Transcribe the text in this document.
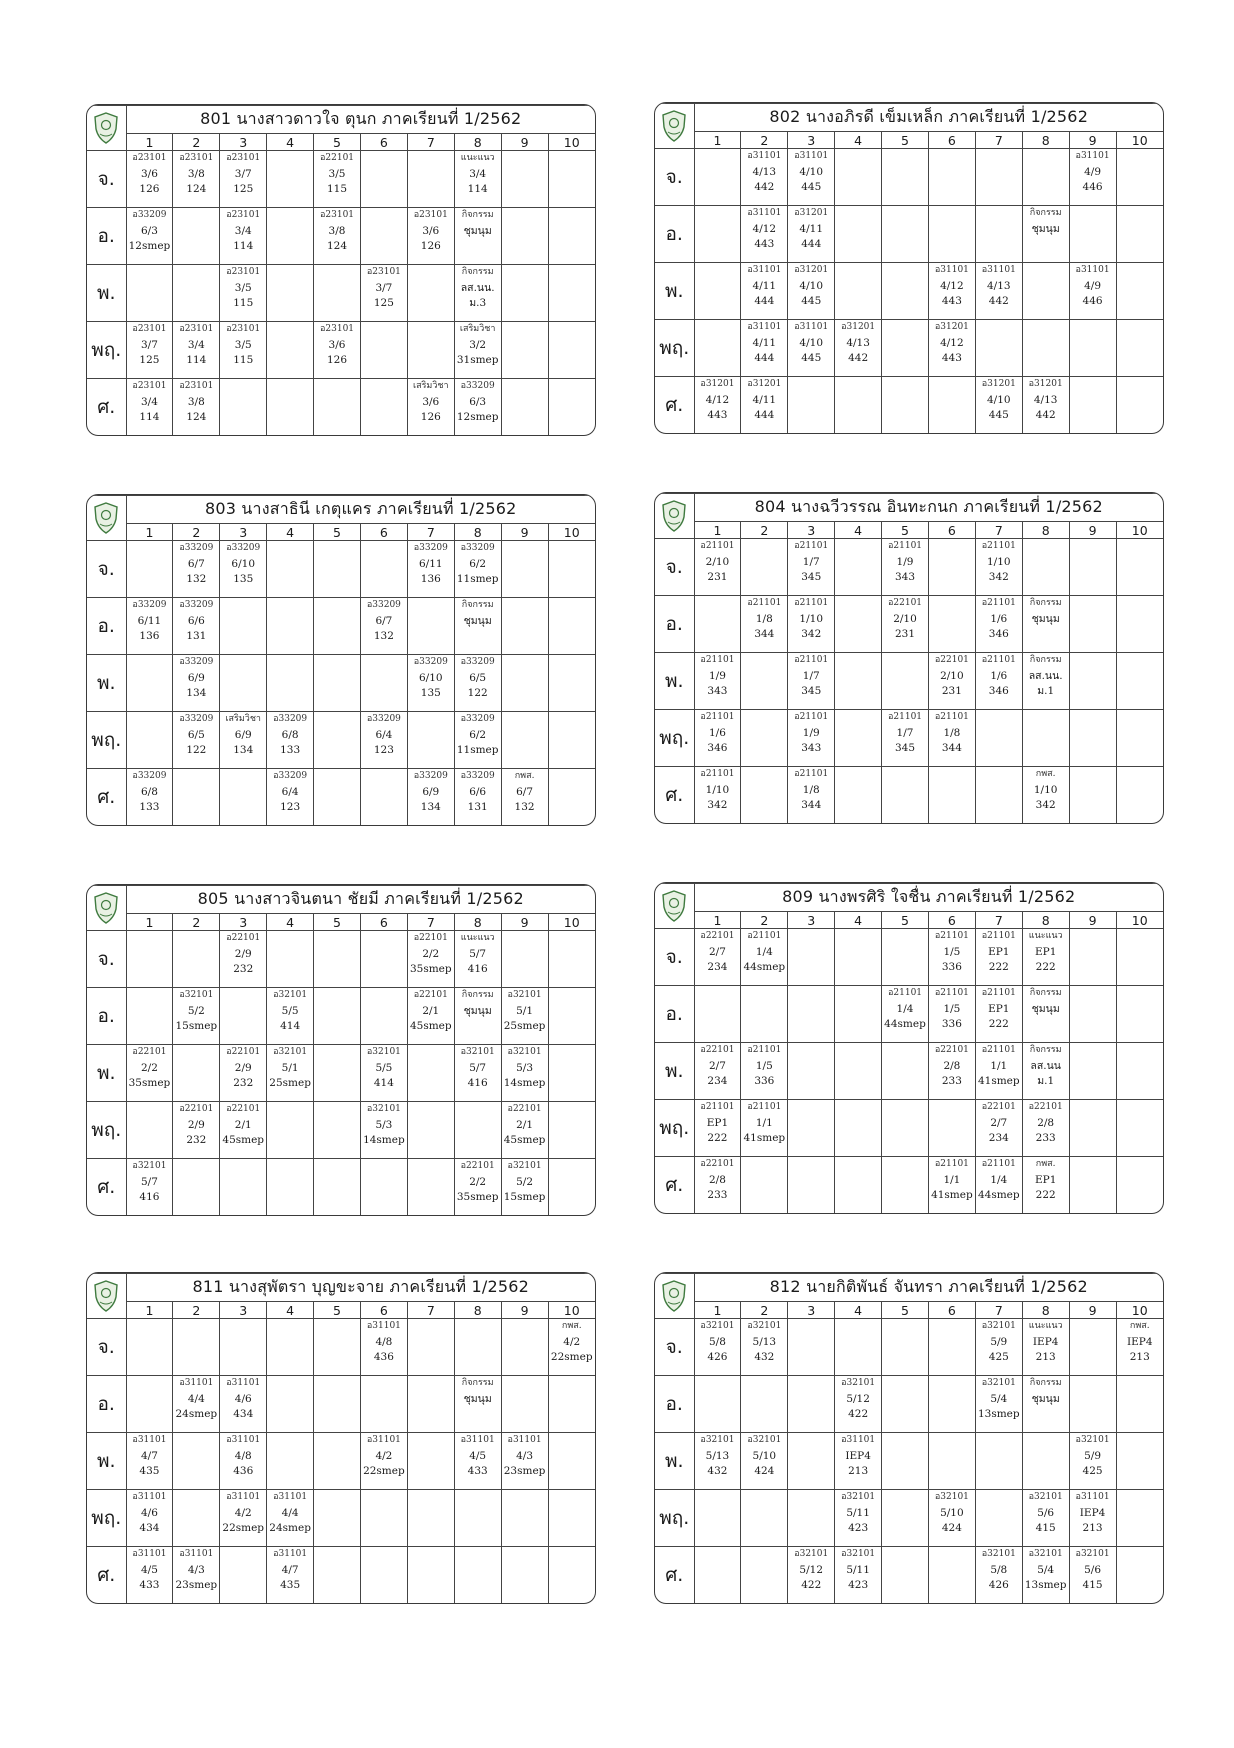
	801 นางสาวดาวใจ ตุนก ภาคเรียนที่ 1/2562									
	1	2	3	4	5	6	7	8	9	10
จ.	อ23101
3/6
126	อ23101
3/8
124	อ23101
3/7
125		อ22101
3/5
115			แนะแนว
3/4
114		

อ.	อ33209
6/3
12smep		อ23101
3/4
114		อ23101
3/8
124		อ23101
3/6
126	กิจกรรม
ชุมนุม		

พ.			อ23101
3/5
115			อ23101
3/7
125		กิจกรรม
ลส.นน.
ม.3		

พฤ.	อ23101
3/7
125	อ23101
3/4
114	อ23101
3/5
115		อ23101
3/6
126			เสริมวิชา
3/2
31smep		

ศ.	อ23101
3/4
114	อ23101
3/8
124					เสริมวิชา
3/6
126	อ33209
6/3
12smep		

	802 นางอภิรดี เข็มเหล็ก ภาคเรียนที่ 1/2562									
	1	2	3	4	5	6	7	8	9	10
จ.		อ31101
4/13
442	อ31101
4/10
445						อ31101
4/9
446	

อ.		อ31101
4/12
443	อ31201
4/11
444					กิจกรรม
ชุมนุม		

พ.		อ31101
4/11
444	อ31201
4/10
445			อ31101
4/12
443	อ31101
4/13
442		อ31101
4/9
446	

พฤ.		อ31101
4/11
444	อ31101
4/10
445	อ31201
4/13
442		อ31201
4/12
443				

ศ.	อ31201
4/12
443	อ31201
4/11
444					อ31201
4/10
445	อ31201
4/13
442		

	803 นางสาธินี เกตุแคร ภาคเรียนที่ 1/2562									
	1	2	3	4	5	6	7	8	9	10
จ.		อ33209
6/7
132	อ33209
6/10
135				อ33209
6/11
136	อ33209
6/2
11smep		

อ.	อ33209
6/11
136	อ33209
6/6
131				อ33209
6/7
132		กิจกรรม
ชุมนุม		

พ.		อ33209
6/9
134					อ33209
6/10
135	อ33209
6/5
122		

พฤ.		อ33209
6/5
122	เสริมวิชา
6/9
134	อ33209
6/8
133		อ33209
6/4
123		อ33209
6/2
11smep		

ศ.	อ33209
6/8
133			อ33209
6/4
123			อ33209
6/9
134	อ33209
6/6
131	กพส.
6/7
132	

	804 นางฉวีวรรณ อินทะกนก ภาคเรียนที่ 1/2562									
	1	2	3	4	5	6	7	8	9	10
จ.	อ21101
2/10
231		อ21101
1/7
345		อ21101
1/9
343		อ21101
1/10
342			

อ.		อ21101
1/8
344	อ21101
1/10
342		อ22101
2/10
231		อ21101
1/6
346	กิจกรรม
ชุมนุม		

พ.	อ21101
1/9
343		อ21101
1/7
345			อ22101
2/10
231	อ21101
1/6
346	กิจกรรม
ลส.นน.
ม.1		

พฤ.	อ21101
1/6
346		อ21101
1/9
343		อ21101
1/7
345	อ21101
1/8
344				

ศ.	อ21101
1/10
342		อ21101
1/8
344					กพส.
1/10
342		

	805 นางสาวจินตนา ชัยมี ภาคเรียนที่ 1/2562									
	1	2	3	4	5	6	7	8	9	10
จ.			อ22101
2/9
232				อ22101
2/2
35smep	แนะแนว
5/7
416		

อ.		อ32101
5/2
15smep		อ32101
5/5
414			อ22101
2/1
45smep	กิจกรรม
ชุมนุม	อ32101
5/1
25smep	

พ.	อ22101
2/2
35smep		อ22101
2/9
232	อ32101
5/1
25smep		อ32101
5/5
414		อ32101
5/7
416	อ32101
5/3
14smep	

พฤ.		อ22101
2/9
232	อ22101
2/1
45smep			อ32101
5/3
14smep			อ22101
2/1
45smep	

ศ.	อ32101
5/7
416							อ22101
2/2
35smep	อ32101
5/2
15smep	

	809 นางพรศิริ ใจชื่น ภาคเรียนที่ 1/2562									
	1	2	3	4	5	6	7	8	9	10
จ.	อ22101
2/7
234	อ21101
1/4
44smep				อ21101
1/5
336	อ21101
EP1
222	แนะแนว
EP1
222		

อ.					อ21101
1/4
44smep	อ21101
1/5
336	อ21101
EP1
222	กิจกรรม
ชุมนุม		

พ.	อ22101
2/7
234	อ21101
1/5
336				อ22101
2/8
233	อ21101
1/1
41smep	กิจกรรม
ลส.นน
ม.1		

พฤ.	อ21101
EP1
222	อ21101
1/1
41smep					อ22101
2/7
234	อ22101
2/8
233		

ศ.	อ22101
2/8
233					อ21101
1/1
41smep	อ21101
1/4
44smep	กพส.
EP1
222		

	811 นางสุพัตรา บุญขะจาย ภาคเรียนที่ 1/2562									
	1	2	3	4	5	6	7	8	9	10
จ.						อ31101
4/8
436				กพส.
4/2
22smep

อ.		อ31101
4/4
24smep	อ31101
4/6
434					กิจกรรม
ชุมนุม		

พ.	อ31101
4/7
435		อ31101
4/8
436			อ31101
4/2
22smep		อ31101
4/5
433	อ31101
4/3
23smep	

พฤ.	อ31101
4/6
434		อ31101
4/2
22smep	อ31101
4/4
24smep						

ศ.	อ31101
4/5
433	อ31101
4/3
23smep		อ31101
4/7
435						

	812 นายกิติพันธ์ จันทรา ภาคเรียนที่ 1/2562									
	1	2	3	4	5	6	7	8	9	10
จ.	อ32101
5/8
426	อ32101
5/13
432					อ32101
5/9
425	แนะแนว
IEP4
213		กพส.
IEP4
213

อ.				อ32101
5/12
422			อ32101
5/4
13smep	กิจกรรม
ชุมนุม		

พ.	อ32101
5/13
432	อ32101
5/10
424		อ31101
IEP4
213					อ32101
5/9
425	

พฤ.				อ32101
5/11
423		อ32101
5/10
424		อ32101
5/6
415	อ31101
IEP4
213	

ศ.			อ32101
5/12
422	อ32101
5/11
423			อ32101
5/8
426	อ32101
5/4
13smep	อ32101
5/6
415	
